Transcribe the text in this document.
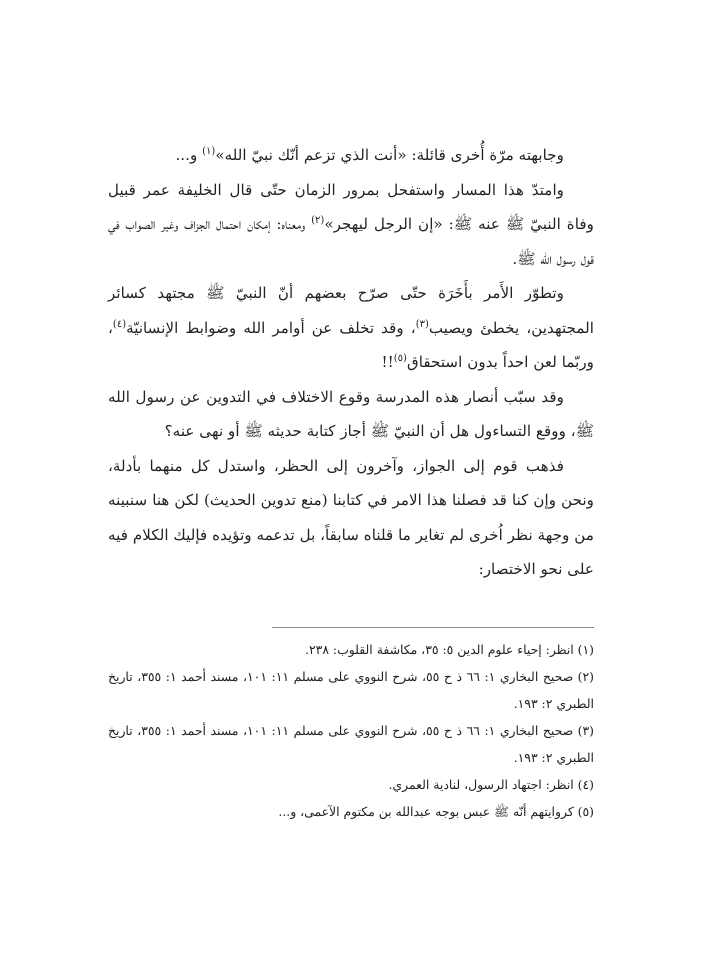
وجابهته مرّة أُخرى قائلة: «أنت الذي تزعم أنّك نبيّ الله»$^{(١)}$ و...

وامتدّ هذا المسار واستفحل بمرور الزمان حتّى قال الخليفة عمر قبيل وفاة النبيّ ﷺ عنه ﷺ: «إن الرجل ليهجر»$^{(٢)}$ ومعناه: إمكان احتمال الجزاف وغير الصواب في قول رسول الله ﷺ.

وتطوّر الأَمر بأَخَرَة حتّى صرّح بعضهم أنّ النبيّ ﷺ مجتهد كسائر المجتهدين، يخطئ ويصيب$^{(٣)}$، وقد تخلف عن أوامر الله وضوابط الإنسانيّة$^{(٤)}$، وربّما لعن احداً بدون استحقاق$^{(٥)}$!!

وقد سبّب أنصار هذه المدرسة وقوع الاختلاف في التدوين عن رسول الله ﷺ، ووقع التساءول هل أن النبيّ ﷺ أجاز كتابة حديثه ﷺ أو نهى عنه؟

فذهب قوم إلى الجواز، وآخرون إلى الحظر، واستدل كل منهما بأدلة، ونحن وإن كنا قد فصلنا هذا الامر في كتابنا (منع تدوين الحديث) لكن هنا سنبينه من وجهة نظر اُخرى لم تغاير ما قلناه سابقاً، بل تدعمه وتؤيده فإليك الكلام فيه على نحو الاختصار:

(١) انظر: إحياء علوم الدين ٥: ٣٥، مكاشفة القلوب: ٢٣٨.

(٢) صحيح البخاري ١: ٦٦ ذ ح ٥٥، شرح النووي على مسلم ١١: ١٠١، مسند أحمد ١: ٣٥٥، تاريخ الطبري ٢: ١٩٣.

(٣) صحيح البخاري ١: ٦٦ ذ ح ٥٥، شرح النووي على مسلم ١١: ١٠١، مسند أحمد ١: ٣٥٥، تاريخ الطبري ٢: ١٩٣.

(٤) انظر: اجتهاد الرسول، لنادية العمري.

(٥) كروايتهم أنّه ﷺ عبس بوجه عبدالله بن مكتوم الآعمى، و...
